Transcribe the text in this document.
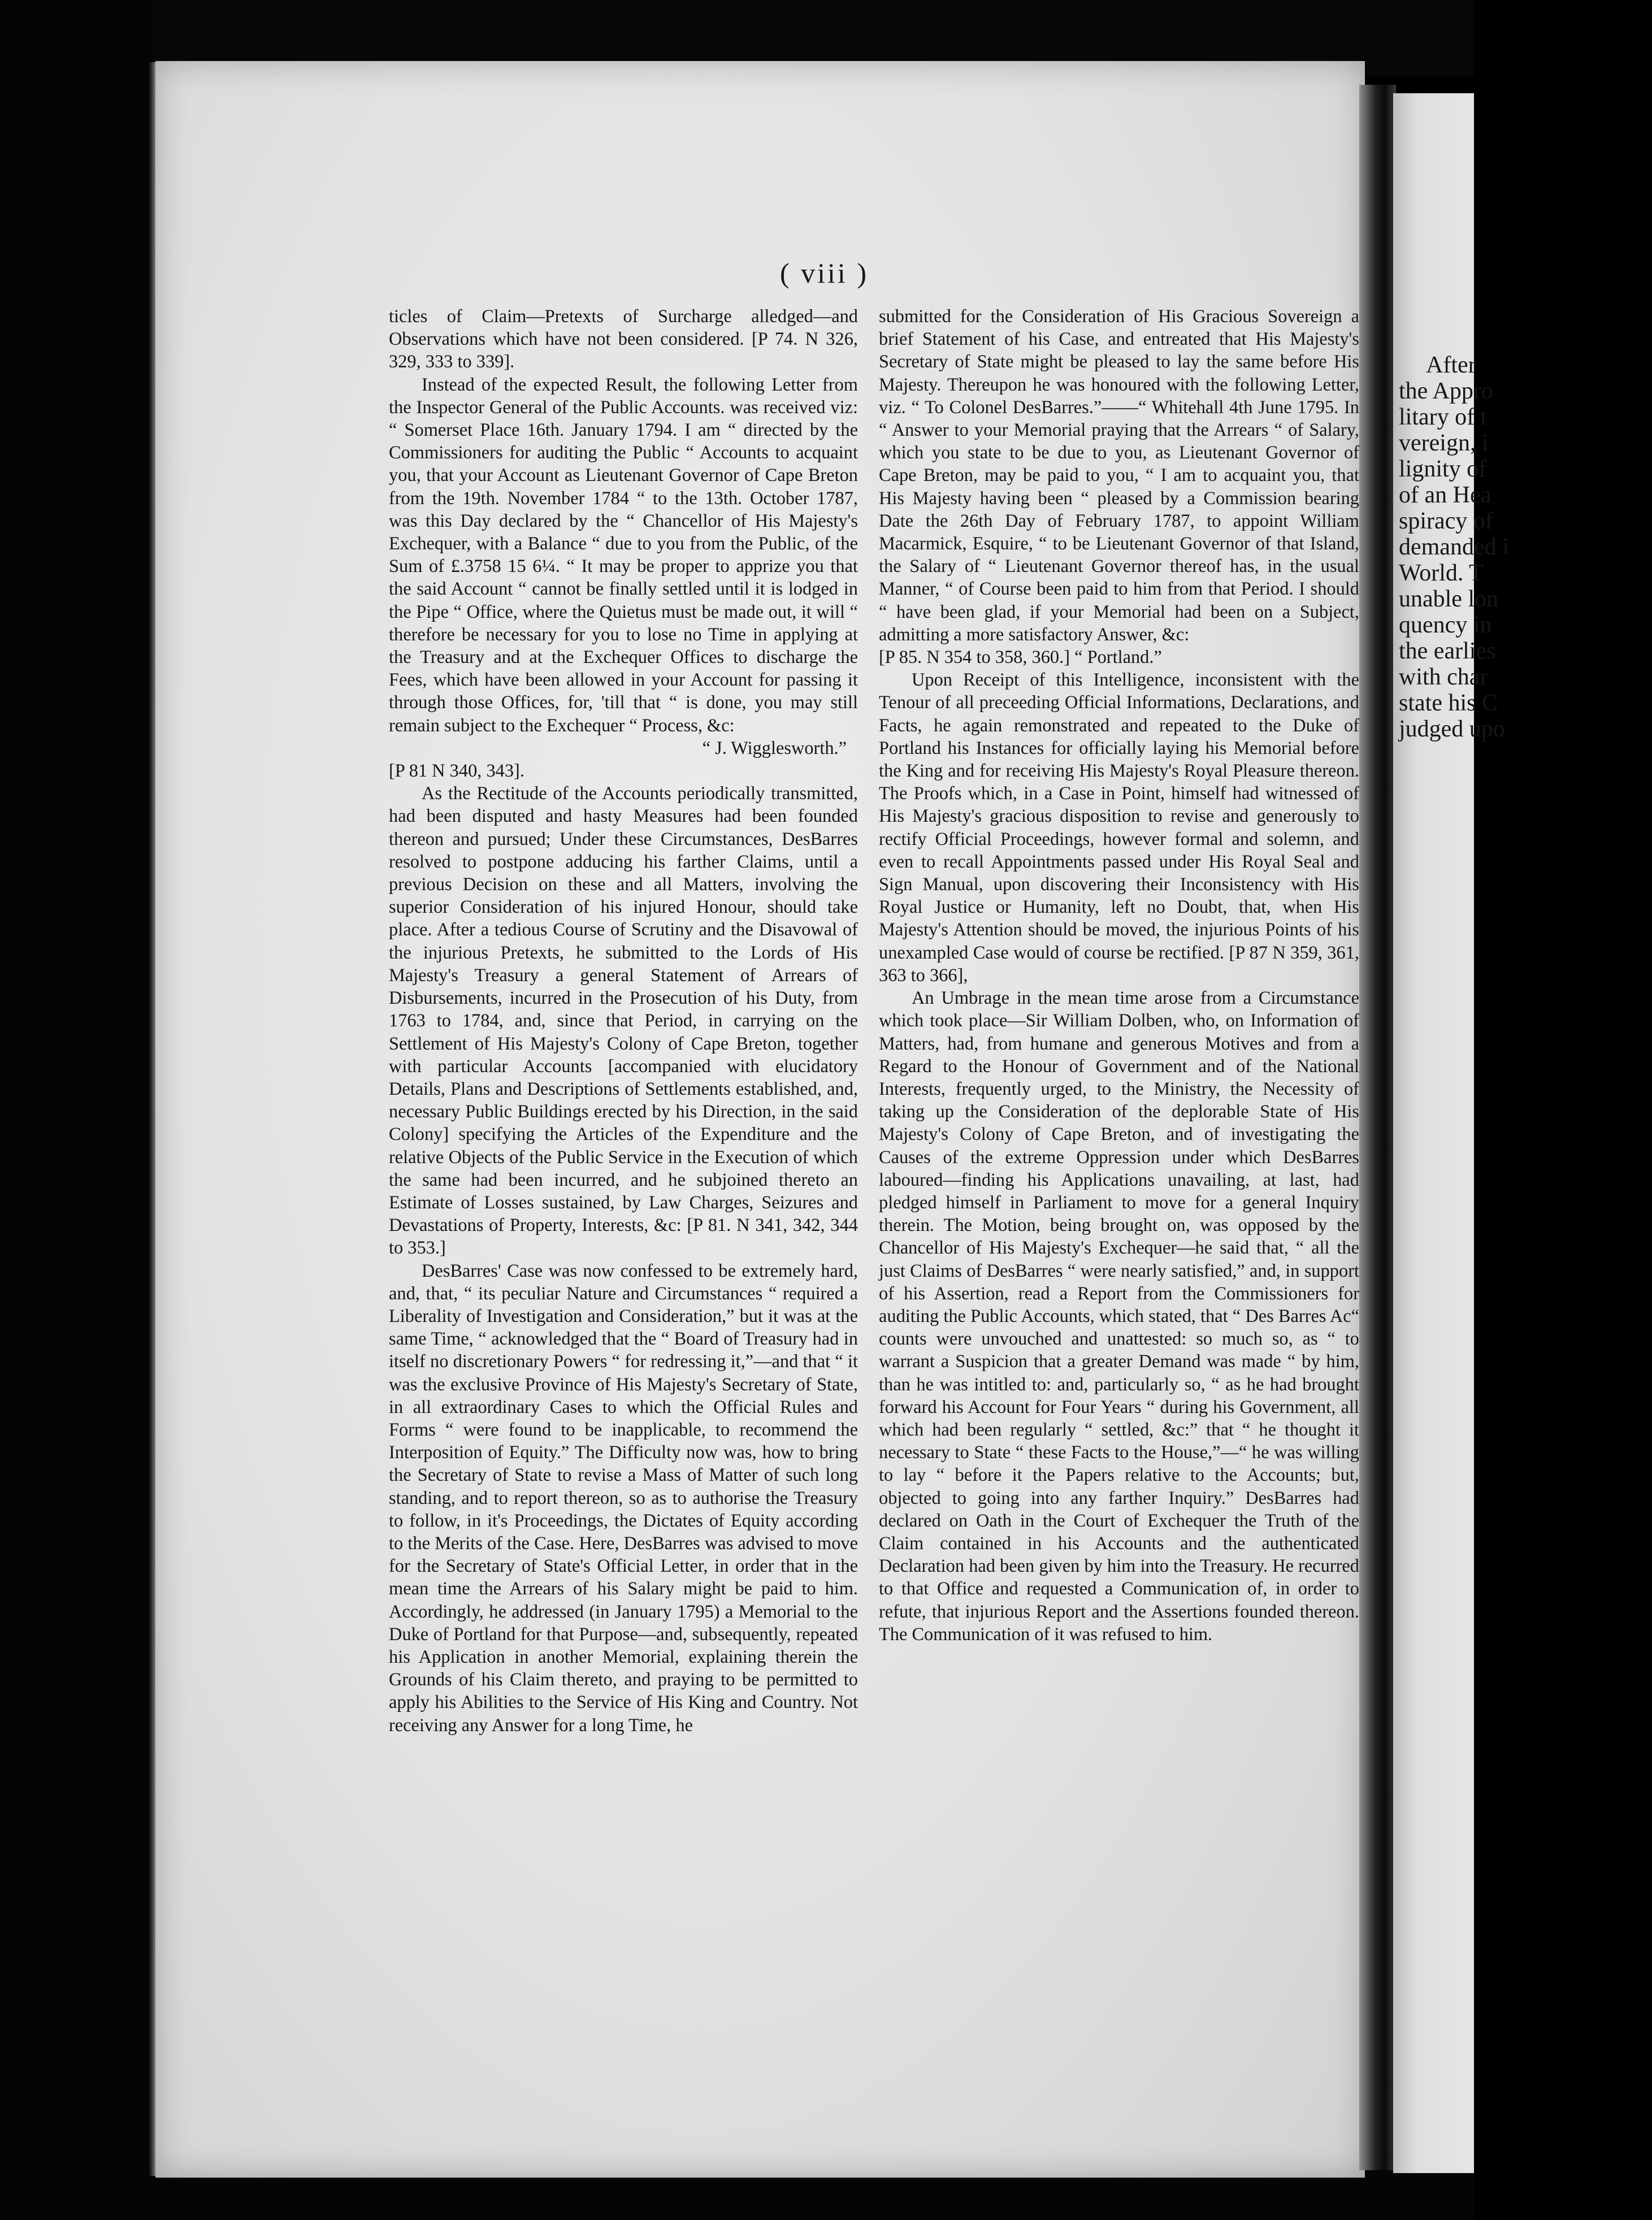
( viii )

ticles of Claim—Pretexts of Surcharge alledged—and Observations which have not been considered. [P 74. N 326, 329, 333 to 339].

Instead of the expected Result, the following Letter from the Inspector General of the Public Accounts. was received viz: “ Somerset Place 16th. January 1794. I am “ directed by the Commissioners for auditing the Public “ Accounts to acquaint you, that your Account as Lieutenant Governor of Cape Breton from the 19th. November 1784 “ to the 13th. October 1787, was this Day declared by the “ Chancellor of His Majesty's Exchequer, with a Balance “ due to you from the Public, of the Sum of £.3758 15 6¼. “ It may be proper to apprize you that the said Account “ cannot be finally settled until it is lodged in the Pipe “ Office, where the Quietus must be made out, it will “ therefore be necessary for you to lose no Time in applying at the Treasury and at the Exchequer Offices to discharge the Fees, which have been allowed in your Account for passing it through those Offices, for, 'till that “ is done, you may still remain subject to the Exchequer “ Process, &c:

“ J. Wigglesworth.”

[P 81 N 340, 343].

As the Rectitude of the Accounts periodically transmitted, had been disputed and hasty Measures had been founded thereon and pursued; Under these Circumstances, DesBarres resolved to postpone adducing his farther Claims, until a previous Decision on these and all Matters, involving the superior Consideration of his injured Honour, should take place. After a tedious Course of Scrutiny and the Disavowal of the injurious Pretexts, he submitted to the Lords of His Majesty's Treasury a general Statement of Arrears of Disbursements, incurred in the Prosecution of his Duty, from 1763 to 1784, and, since that Period, in carrying on the Settlement of His Majesty's Colony of Cape Breton, together with particular Accounts [accompanied with elucidatory Details, Plans and Descriptions of Settlements established, and, necessary Public Buildings erected by his Direction, in the said Colony] specifying the Articles of the Expenditure and the relative Objects of the Public Service in the Execution of which the same had been incurred, and he subjoined thereto an Estimate of Losses sustained, by Law Charges, Seizures and Devastations of Property, Interests, &c: [P 81. N 341, 342, 344 to 353.]

DesBarres' Case was now confessed to be extremely hard, and, that, “ its peculiar Nature and Circumstances “ required a Liberality of Investigation and Consideration,” but it was at the same Time, “ acknowledged that the “ Board of Treasury had in itself no discretionary Powers “ for redressing it,”—and that “ it was the exclusive Province of His Majesty's Secretary of State, in all extraordinary Cases to which the Official Rules and Forms “ were found to be inapplicable, to recommend the Interposition of Equity.” The Difficulty now was, how to bring the Secretary of State to revise a Mass of Matter of such long standing, and to report thereon, so as to authorise the Treasury to follow, in it's Proceedings, the Dictates of Equity according to the Merits of the Case. Here, DesBarres was advised to move for the Secretary of State's Official Letter, in order that in the mean time the Arrears of his Salary might be paid to him. Accordingly, he addressed (in January 1795) a Memorial to the Duke of Portland for that Purpose—and, subsequently, repeated his Application in another Memorial, explaining therein the Grounds of his Claim thereto, and praying to be permitted to apply his Abilities to the Service of His King and Country. Not receiving any Answer for a long Time, he

submitted for the Consideration of His Gracious Sovereign a brief Statement of his Case, and entreated that His Majesty's Secretary of State might be pleased to lay the same before His Majesty. Thereupon he was honoured with the following Letter, viz. “ To Colonel DesBarres.”——“ Whitehall 4th June 1795. In “ Answer to your Memorial praying that the Arrears “ of Salary, which you state to be due to you, as Lieutenant Governor of Cape Breton, may be paid to you, “ I am to acquaint you, that His Majesty having been “ pleased by a Commission bearing Date the 26th Day of February 1787, to appoint William Macarmick, Esquire, “ to be Lieutenant Governor of that Island, the Salary of “ Lieutenant Governor thereof has, in the usual Manner, “ of Course been paid to him from that Period. I should “ have been glad, if your Memorial had been on a Subject, admitting a more satisfactory Answer, &c:

[P 85. N 354 to 358, 360.] “ Portland.”

Upon Receipt of this Intelligence, inconsistent with the Tenour of all preceeding Official Informations, Declarations, and Facts, he again remonstrated and repeated to the Duke of Portland his Instances for officially laying his Memorial before the King and for receiving His Majesty's Royal Pleasure thereon. The Proofs which, in a Case in Point, himself had witnessed of His Majesty's gracious disposition to revise and generously to rectify Official Proceedings, however formal and solemn, and even to recall Appointments passed under His Royal Seal and Sign Manual, upon discovering their Inconsistency with His Royal Justice or Humanity, left no Doubt, that, when His Majesty's Attention should be moved, the injurious Points of his unexampled Case would of course be rectified. [P 87 N 359, 361, 363 to 366],

An Umbrage in the mean time arose from a Circumstance which took place—Sir William Dolben, who, on Information of Matters, had, from humane and generous Motives and from a Regard to the Honour of Government and of the National Interests, frequently urged, to the Ministry, the Necessity of taking up the Consideration of the deplorable State of His Majesty's Colony of Cape Breton, and of investigating the Causes of the extreme Oppression under which DesBarres laboured—finding his Applications unavailing, at last, had pledged himself in Parliament to move for a general Inquiry therein. The Motion, being brought on, was opposed by the Chancellor of His Majesty's Exchequer—he said that, “ all the just Claims of DesBarres “ were nearly satisfied,” and, in support of his Assertion, read a Report from the Commissioners for auditing the Public Accounts, which stated, that “ Des Barres Ac“ counts were unvouched and unattested: so much so, as “ to warrant a Suspicion that a greater Demand was made “ by him, than he was intitled to: and, particularly so, “ as he had brought forward his Account for Four Years “ during his Government, all which had been regularly “ settled, &c:” that “ he thought it necessary to State “ these Facts to the House,”—“ he was willing to lay “ before it the Papers relative to the Accounts; but, objected to going into any farther Inquiry.” DesBarres had declared on Oath in the Court of Exchequer the Truth of the Claim contained in his Accounts and the authenticated Declaration had been given by him into the Treasury. He recurred to that Office and requested a Communication of, in order to refute, that injurious Report and the Assertions founded thereon. The Communication of it was refused to him.

After
the Appro
litary of t
vereign, i
lignity of
of an Hea
spiracy of
demanded i
World. T
unable lon
quency in
the earlies
with char
state his C
judged upo
